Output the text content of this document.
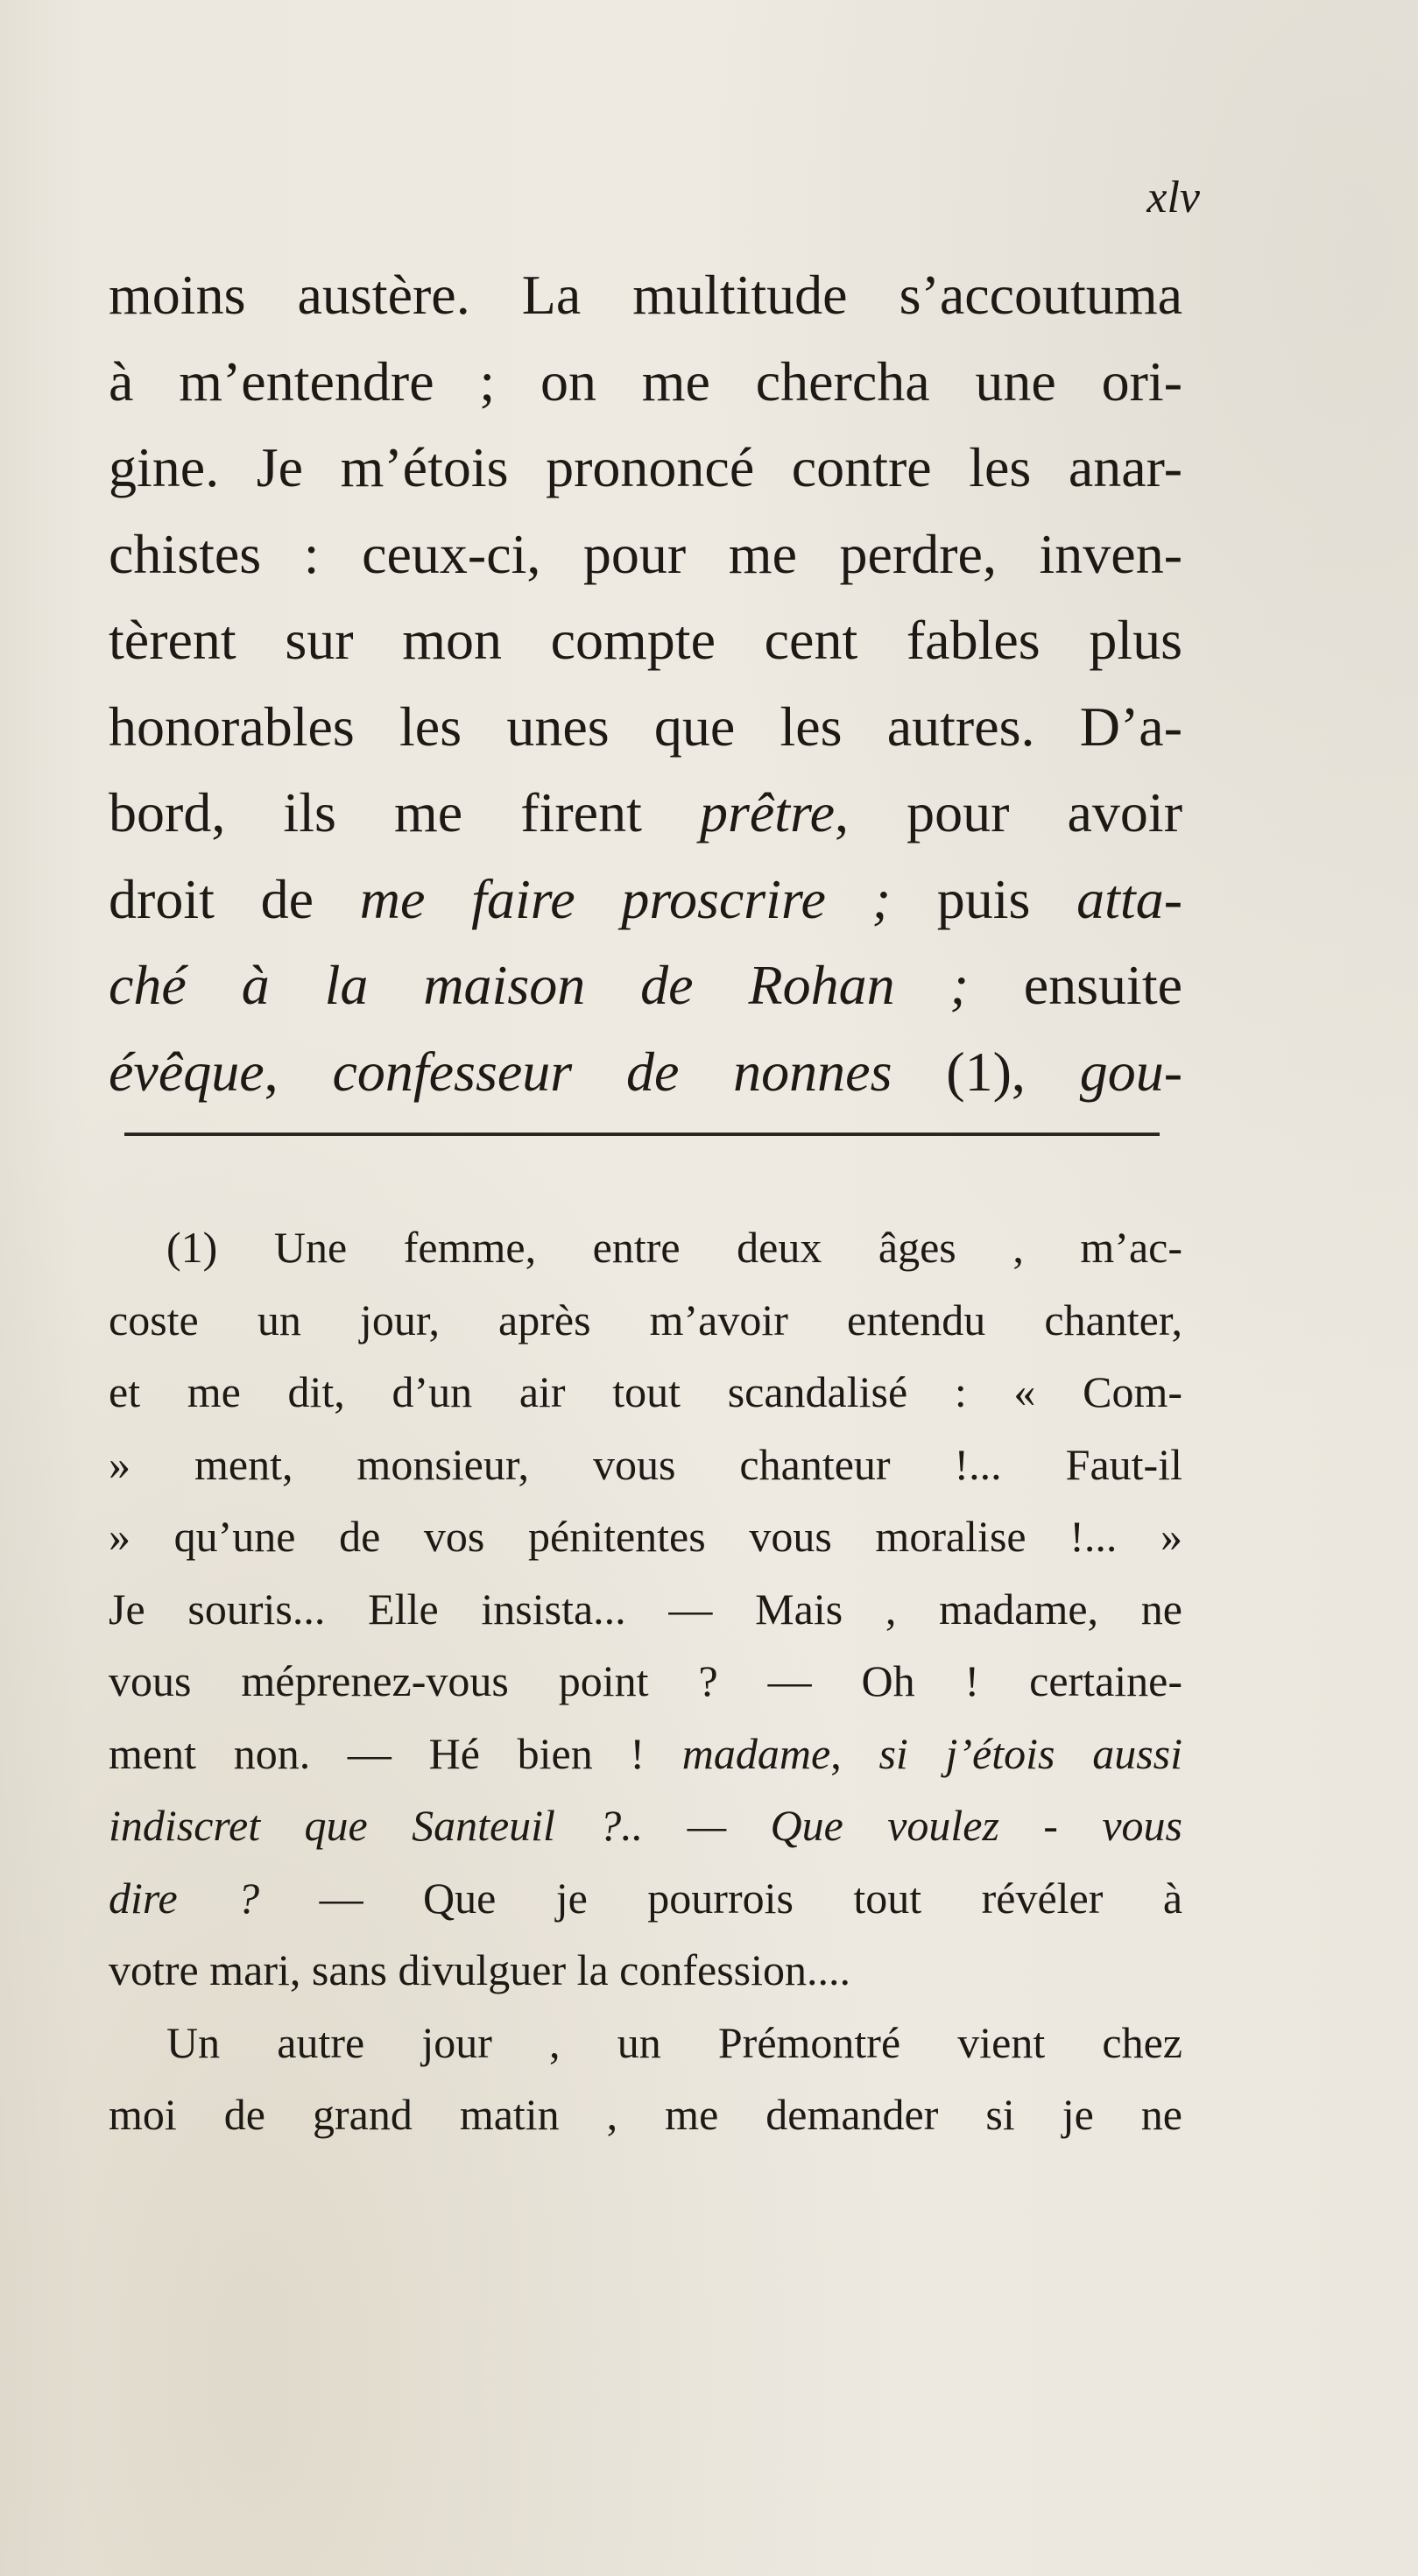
xlv
moins austère. La multitude s’accoutuma
à m’entendre ; on me chercha une ori-
gine. Je m’étois prononcé contre les anar-
chistes : ceux-ci, pour me perdre, inven-
tèrent sur mon compte cent fables plus
honorables les unes que les autres. D’a-
bord, ils me firent prêtre, pour avoir
droit de me faire proscrire ; puis atta-
ché à la maison de Rohan ; ensuite
évêque, confesseur de nonnes (1), gou-
(1) Une femme, entre deux âges , m’ac-
coste un jour, après m’avoir entendu chanter,
et me dit, d’un air tout scandalisé : « Com-
» ment, monsieur, vous chanteur !... Faut-il
» qu’une de vos pénitentes vous moralise !... »
Je souris... Elle insista... — Mais , madame, ne
vous méprenez-vous point ? — Oh ! certaine-
ment non. — Hé bien ! madame, si j’étois aussi
indiscret que Santeuil ?.. — Que voulez - vous
dire ? — Que je pourrois tout révéler à
votre mari, sans divulguer la confession....
Un autre jour , un Prémontré vient chez
moi de grand matin , me demander si je ne
